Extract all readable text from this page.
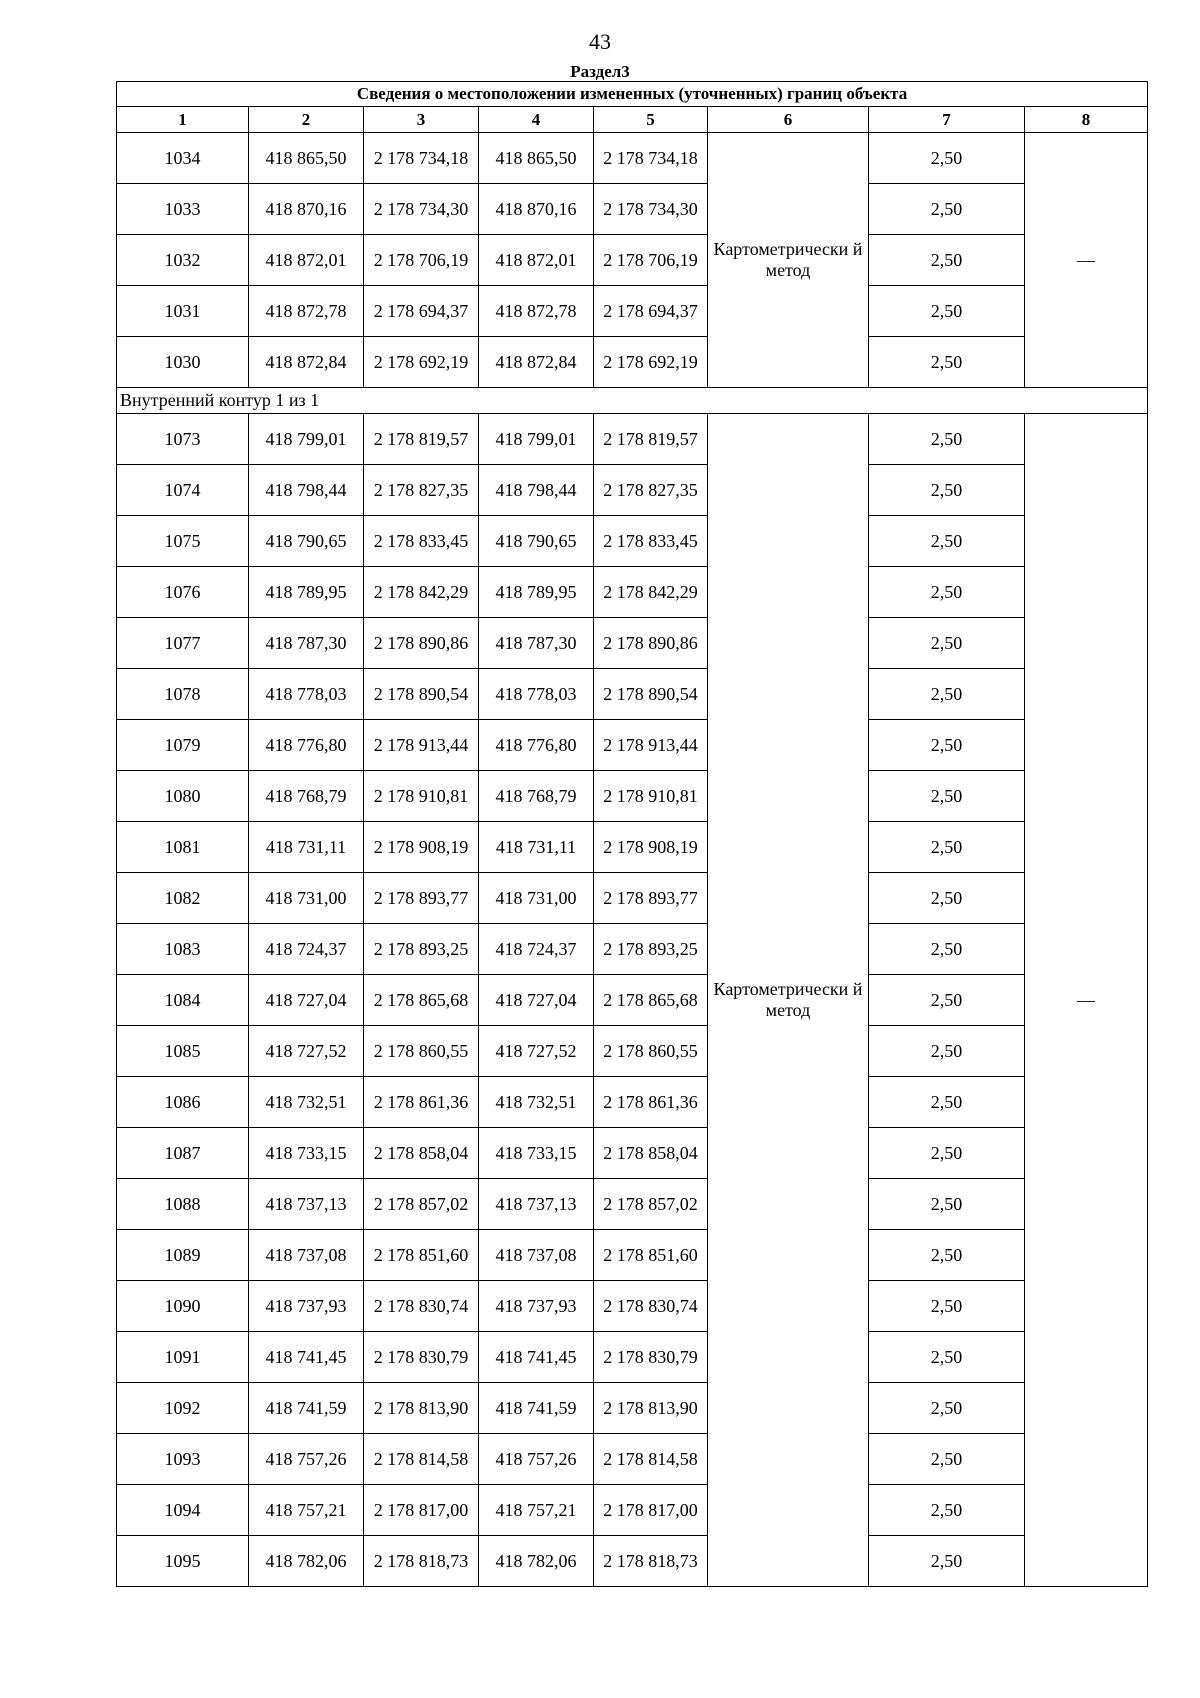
43
Раздел3
Сведения о местоположении измененных (уточненных) границ объекта							
1	2	3	4	5	6	7	8
1034	418 865,50	2 178 734,18	418 865,50	2 178 734,18	Картометрически й метод	2,50	—
1033	418 870,16	2 178 734,30	418 870,16	2 178 734,30		2,50	
1032	418 872,01	2 178 706,19	418 872,01	2 178 706,19		2,50	
1031	418 872,78	2 178 694,37	418 872,78	2 178 694,37		2,50	
1030	418 872,84	2 178 692,19	418 872,84	2 178 692,19		2,50	
Внутренний контур 1 из 1							
1073	418 799,01	2 178 819,57	418 799,01	2 178 819,57	Картометрически й метод	2,50	—
1074	418 798,44	2 178 827,35	418 798,44	2 178 827,35		2,50	
1075	418 790,65	2 178 833,45	418 790,65	2 178 833,45		2,50	
1076	418 789,95	2 178 842,29	418 789,95	2 178 842,29		2,50	
1077	418 787,30	2 178 890,86	418 787,30	2 178 890,86		2,50	
1078	418 778,03	2 178 890,54	418 778,03	2 178 890,54		2,50	
1079	418 776,80	2 178 913,44	418 776,80	2 178 913,44		2,50	
1080	418 768,79	2 178 910,81	418 768,79	2 178 910,81		2,50	
1081	418 731,11	2 178 908,19	418 731,11	2 178 908,19		2,50	
1082	418 731,00	2 178 893,77	418 731,00	2 178 893,77		2,50	
1083	418 724,37	2 178 893,25	418 724,37	2 178 893,25		2,50	
1084	418 727,04	2 178 865,68	418 727,04	2 178 865,68		2,50	
1085	418 727,52	2 178 860,55	418 727,52	2 178 860,55		2,50	
1086	418 732,51	2 178 861,36	418 732,51	2 178 861,36		2,50	
1087	418 733,15	2 178 858,04	418 733,15	2 178 858,04		2,50	
1088	418 737,13	2 178 857,02	418 737,13	2 178 857,02		2,50	
1089	418 737,08	2 178 851,60	418 737,08	2 178 851,60		2,50	
1090	418 737,93	2 178 830,74	418 737,93	2 178 830,74		2,50	
1091	418 741,45	2 178 830,79	418 741,45	2 178 830,79		2,50	
1092	418 741,59	2 178 813,90	418 741,59	2 178 813,90		2,50	
1093	418 757,26	2 178 814,58	418 757,26	2 178 814,58		2,50	
1094	418 757,21	2 178 817,00	418 757,21	2 178 817,00		2,50	
1095	418 782,06	2 178 818,73	418 782,06	2 178 818,73		2,50	
